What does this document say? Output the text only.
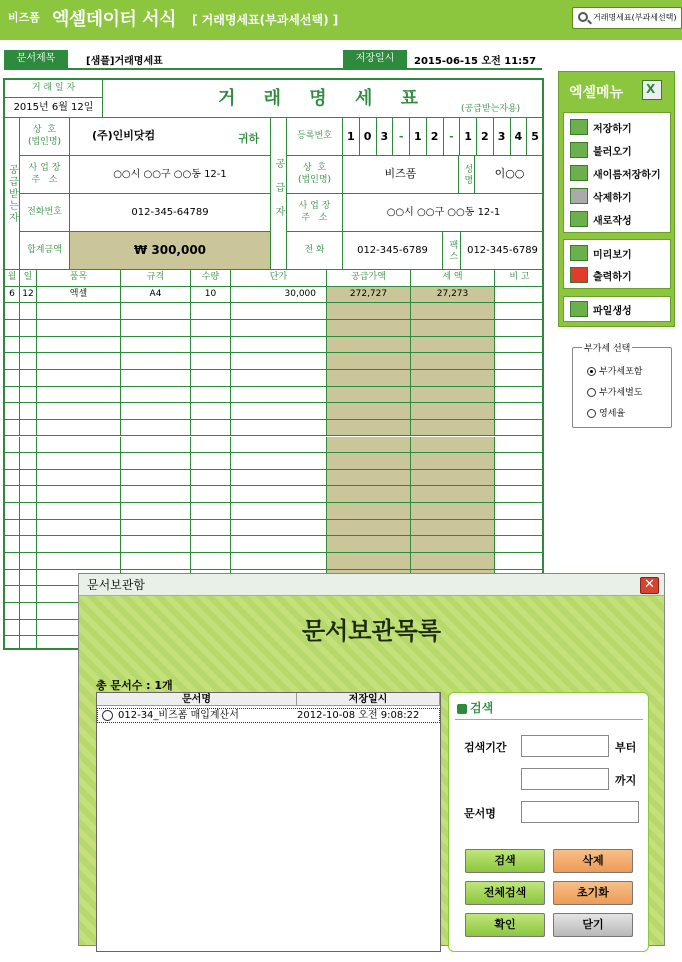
비즈폼 엑셀데이터 서식 [ 거래명세표(부과세선택) ]	거래명세표(부과세선택)
문서제목	[샘플]거래명세표	저장일시	2015-06-15 오전 11:57
거 래 일 자
2015년 6월 12일	거 래 명 세 표
(공급받는자용)
공급받는자
상  호
(법인명)	(주)인비닷컴	귀하
사 업 장
주   소	○○시 ○○구 ○○동 12-1
전화번호	012-345-64789
합계금액	₩ 300,000
공급자
등록번호	1 0 3 - 1 2 - 1 2 3 4 5
상  호
(법인명)	비즈폼	성명	이○○
사 업 장
주   소	○○시 ○○구 ○○동 12-1
전 화	012-345-6789	팩스 012-345-6789
월 일	품목	규격	수량	단가	공급가액	세 액	비 고
6 12	엑셀	A4	10	30,000	272,727	27,273
엑셀메뉴
X
저장하기
불러오기
새이름저장하기
삭제하기
새로작성
미리보기
출력하기
파일생성
부가세 선택
부가세포함
부가세별도
영세율
문서보관함	✕
문서보관목록
총 문서수 : 1개
문서명	저장일시
012-34_비즈폼 매입계산서	2012-10-08 오전 9:08:22
검색
검색기간	부터
까지
문서명
검색	삭제
전체검색	초기화
확인	닫기
